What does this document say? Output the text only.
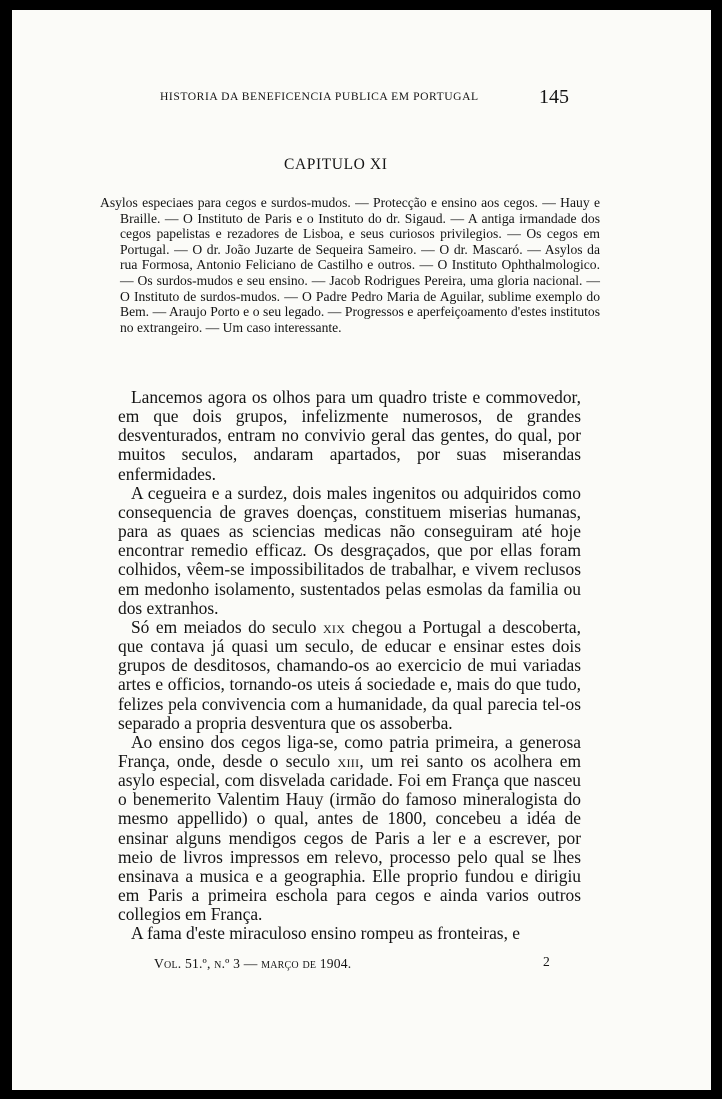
HISTORIA DA BENEFICENCIA PUBLICA EM PORTUGAL	145
CAPITULO XI
Asylos especiaes para cegos e surdos-mudos. — Protecção e ensino aos cegos. — Hauy e Braille. — O Instituto de Paris e o Instituto do dr. Sigaud. — A antiga irmandade dos cegos papelistas e rezadores de Lisboa, e seus curiosos privilegios. — Os cegos em Portugal. — O dr. João Juzarte de Sequeira Sameiro. — O dr. Mascaró. — Asylos da rua Formosa, Antonio Feliciano de Castilho e outros. — O Instituto Ophthalmologico. — Os surdos-mudos e seu ensino. — Jacob Rodrigues Pereira, uma gloria nacional. — O Instituto de surdos-mudos. — O Padre Pedro Maria de Aguilar, sublime exemplo do Bem. — Araujo Porto e o seu legado. — Progressos e aperfeiçoamento d'estes institutos no extrangeiro. — Um caso interessante.

Lancemos agora os olhos para um quadro triste e commovedor, em que dois grupos, infelizmente numerosos, de grandes desventurados, entram no convivio geral das gentes, do qual, por muitos seculos, andaram apartados, por suas miserandas enfermidades.

A cegueira e a surdez, dois males ingenitos ou adquiridos como consequencia de graves doenças, constituem miserias humanas, para as quaes as sciencias medicas não conseguiram até hoje encontrar remedio efficaz. Os desgraçados, que por ellas foram colhidos, vêem-se impossibilitados de trabalhar, e vivem reclusos em medonho isolamento, sustentados pelas esmolas da familia ou dos extranhos.

Só em meiados do seculo xix chegou a Portugal a descoberta, que contava já quasi um seculo, de educar e ensinar estes dois grupos de desditosos, chamando-os ao exercicio de mui variadas artes e officios, tornando-os uteis á sociedade e, mais do que tudo, felizes pela convivencia com a humanidade, da qual parecia tel-os separado a propria desventura que os assoberba.

Ao ensino dos cegos liga-se, como patria primeira, a generosa França, onde, desde o seculo xiii, um rei santo os acolhera em asylo especial, com disvelada caridade. Foi em França que nasceu o benemerito Valentim Hauy (irmão do famoso mineralogista do mesmo appellido) o qual, antes de 1800, concebeu a idéa de ensinar alguns mendigos cegos de Paris a ler e a escrever, por meio de livros impressos em relevo, processo pelo qual se lhes ensinava a musica e a geographia. Elle proprio fundou e dirigiu em Paris a primeira eschola para cegos e ainda varios outros collegios em França.

A fama d'este miraculoso ensino rompeu as fronteiras, e

Vol. 51.º, n.º 3 — março de 1904.	2
